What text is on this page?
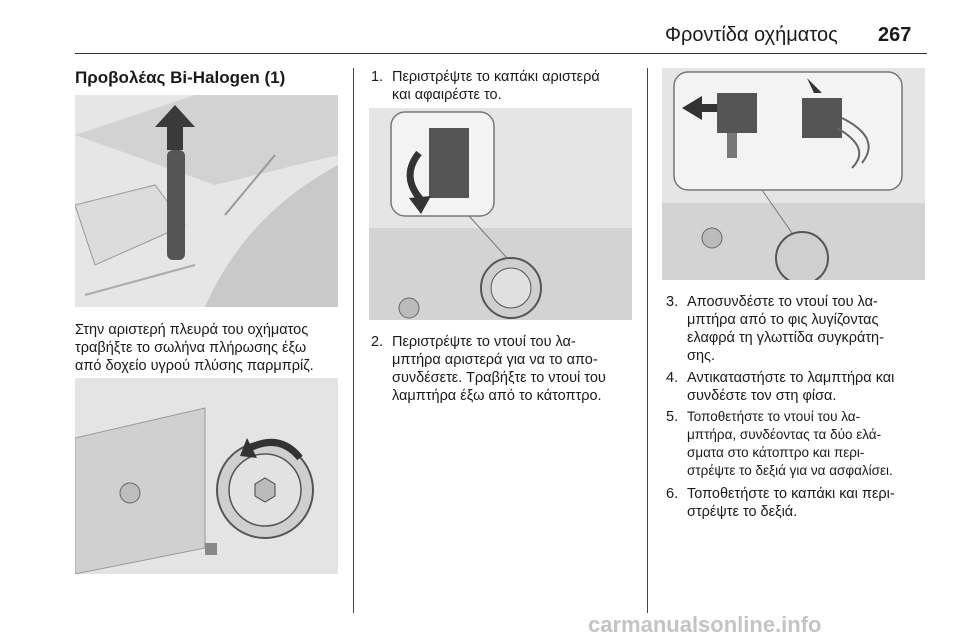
Φροντίδα οχήματος 267
Προβολέας Bi-Halogen (1)
Στην αριστερή πλευρά του οχήματος
τραβήξτε το σωλήνα πλήρωσης έξω
από δοχείο υγρού πλύσης παρμπρίζ.
1. Περιστρέψτε το καπάκι αριστερά
και αφαιρέστε το.
2. Περιστρέψτε το ντουί του λα-
μπτήρα αριστερά για να το απο-
συνδέσετε. Τραβήξτε το ντουί του
λαμπτήρα έξω από το κάτοπτρο.
3. Αποσυνδέστε το ντουί του λα-
μπτήρα από το φις λυγίζοντας
ελαφρά τη γλωττίδα συγκράτη-
σης.
4. Αντικαταστήστε το λαμπτήρα και
συνδέστε τον στη φίσα.
5. Τοποθετήστε το ντουί του λα-
μπτήρα, συνδέοντας τα δύο ελά-
σματα στο κάτοπτρο και περι-
στρέψτε το δεξιά για να ασφαλίσει.
6. Τοποθετήστε το καπάκι και περι-
στρέψτε το δεξιά.
carmanualsonline.info
